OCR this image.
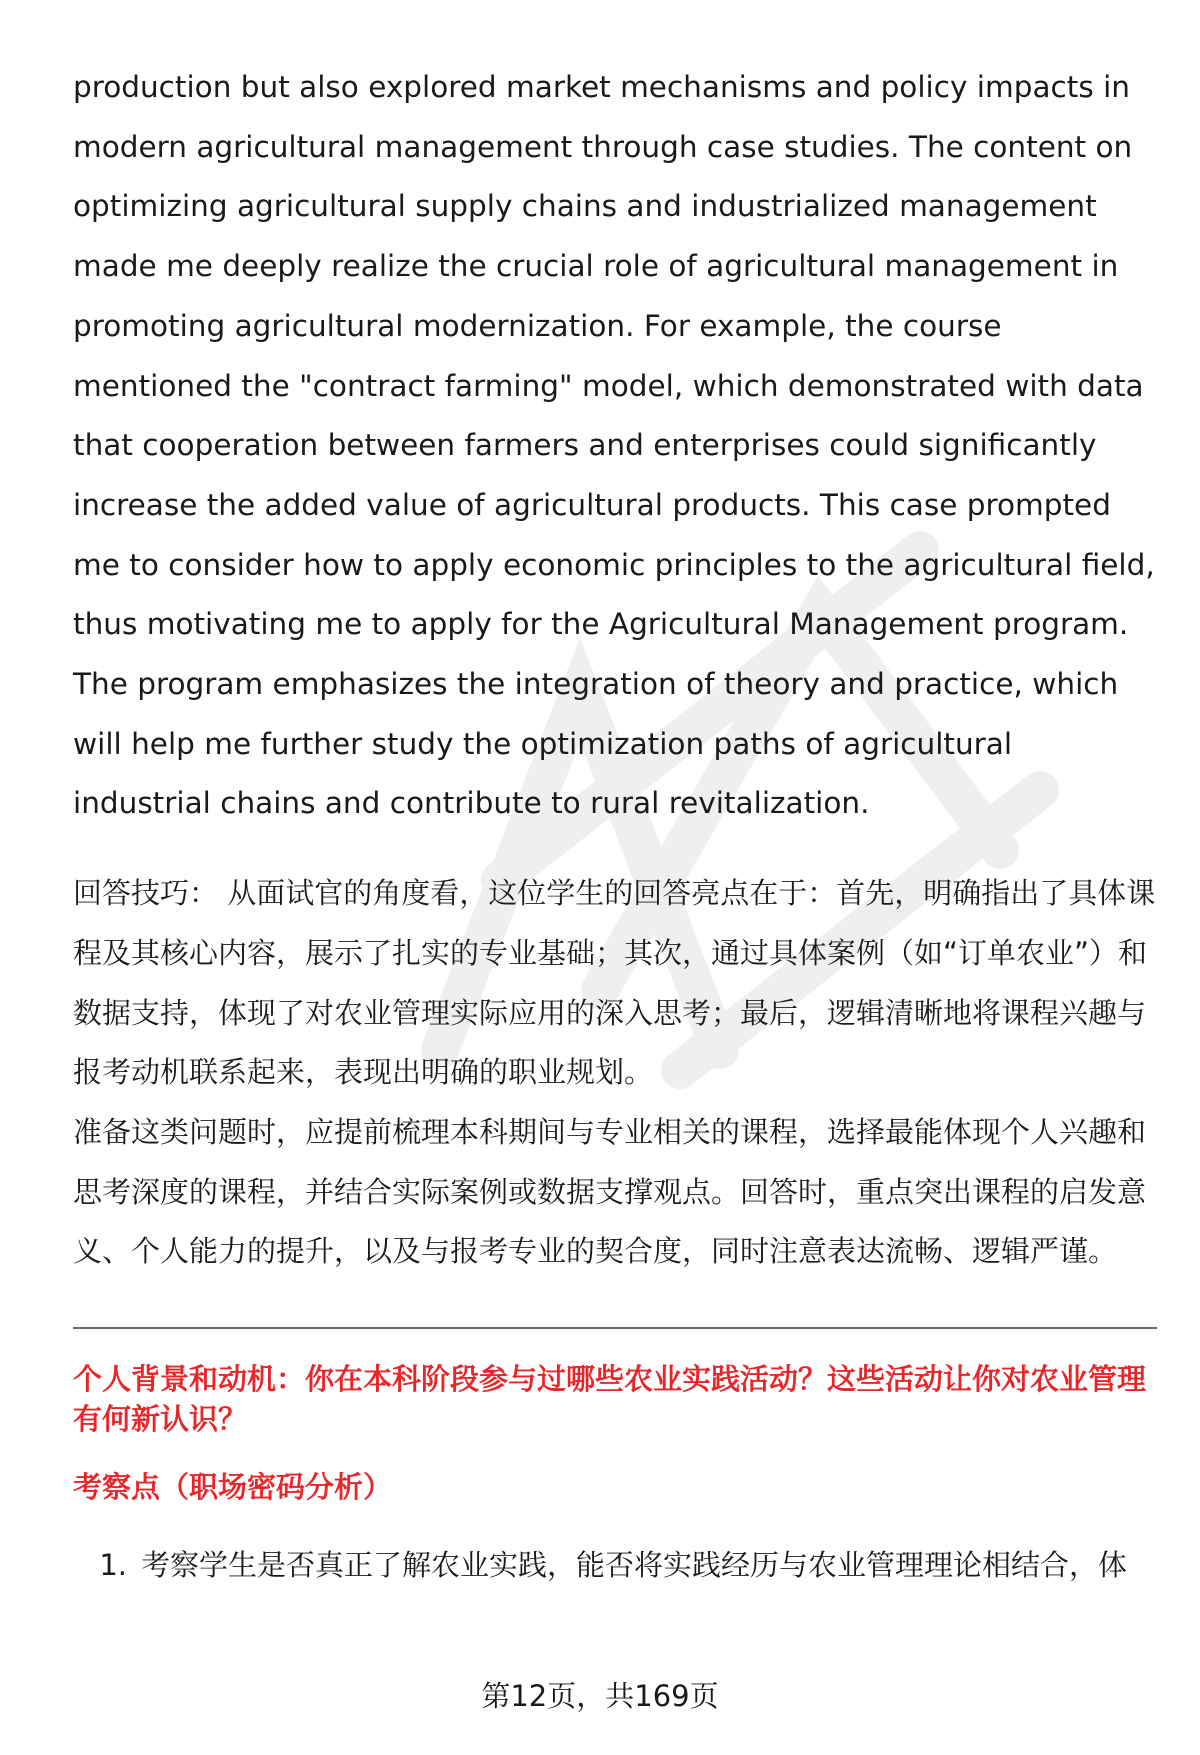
production but also explored market mechanisms and policy impacts in modern agricultural management through case studies. The content on optimizing agricultural supply chains and industrialized management made me deeply realize the crucial role of agricultural management in promoting agricultural modernization. For example, the course mentioned the "contract farming" model, which demonstrated with data that cooperation between farmers and enterprises could significantly increase the added value of agricultural products. This case prompted me to consider how to apply economic principles to the agricultural field, thus motivating me to apply for the Agricultural Management program. The program emphasizes the integration of theory and practice, which will help me further study the optimization paths of agricultural industrial chains and contribute to rural revitalization.

回答技巧： 从面试官的角度看，这位学生的回答亮点在于：首先，明确指出了具体课程及其核心内容，展示了扎实的专业基础；其次，通过具体案例（如“订单农业”）和数据支持，体现了对农业管理实际应用的深入思考；最后，逻辑清晰地将课程兴趣与报考动机联系起来，表现出明确的职业规划。

准备这类问题时，应提前梳理本科期间与专业相关的课程，选择最能体现个人兴趣和思考深度的课程，并结合实际案例或数据支撑观点。回答时，重点突出课程的启发意义、个人能力的提升，以及与报考专业的契合度，同时注意表达流畅、逻辑严谨。

个人背景和动机：你在本科阶段参与过哪些农业实践活动？这些活动让你对农业管理有何新认识？
考察点（职场密码分析）
1. 考察学生是否真正了解农业实践，能否将实践经历与农业管理理论相结合，体
第12页，共169页
